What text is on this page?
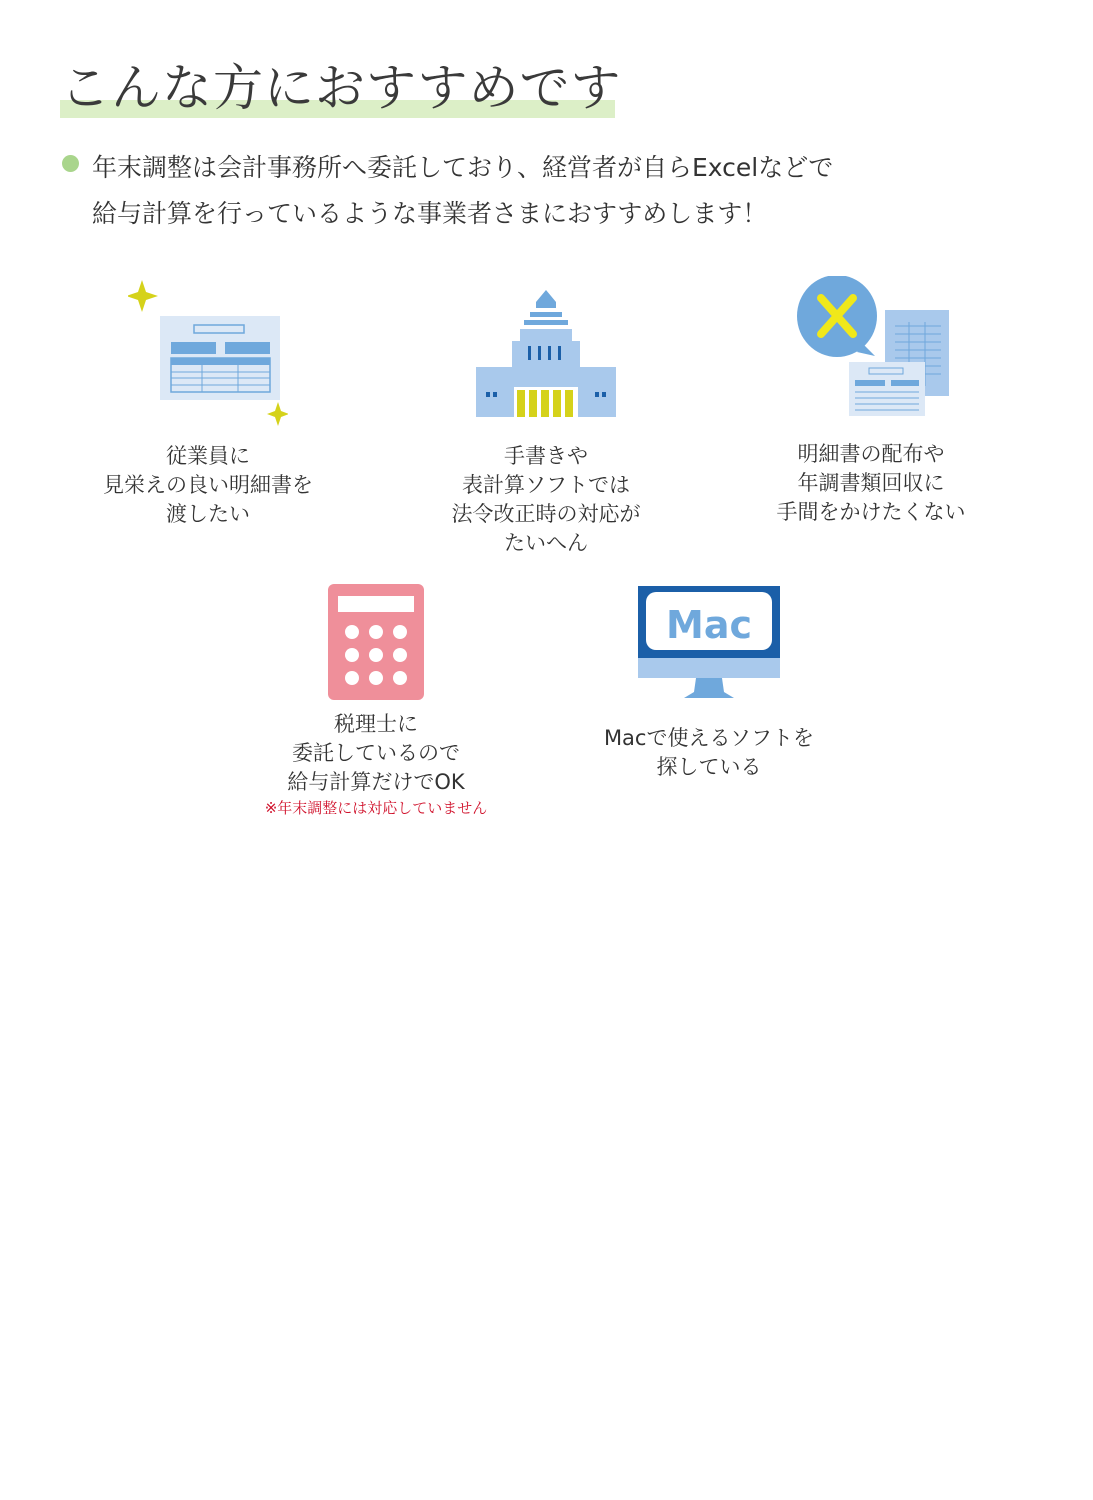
こんな方におすすめです
年末調整は会計事務所へ委託しており、経営者が自らExcelなどで
給与計算を行っているような事業者さまにおすすめします！
従業員に
見栄えの良い明細書を
渡したい
手書きや
表計算ソフトでは
法令改正時の対応が
たいへん
明細書の配布や
年調書類回収に
手間をかけたくない
税理士に
委託しているので
給与計算だけでOK
※年末調整には対応していません
Mac
Macで使えるソフトを
探している
